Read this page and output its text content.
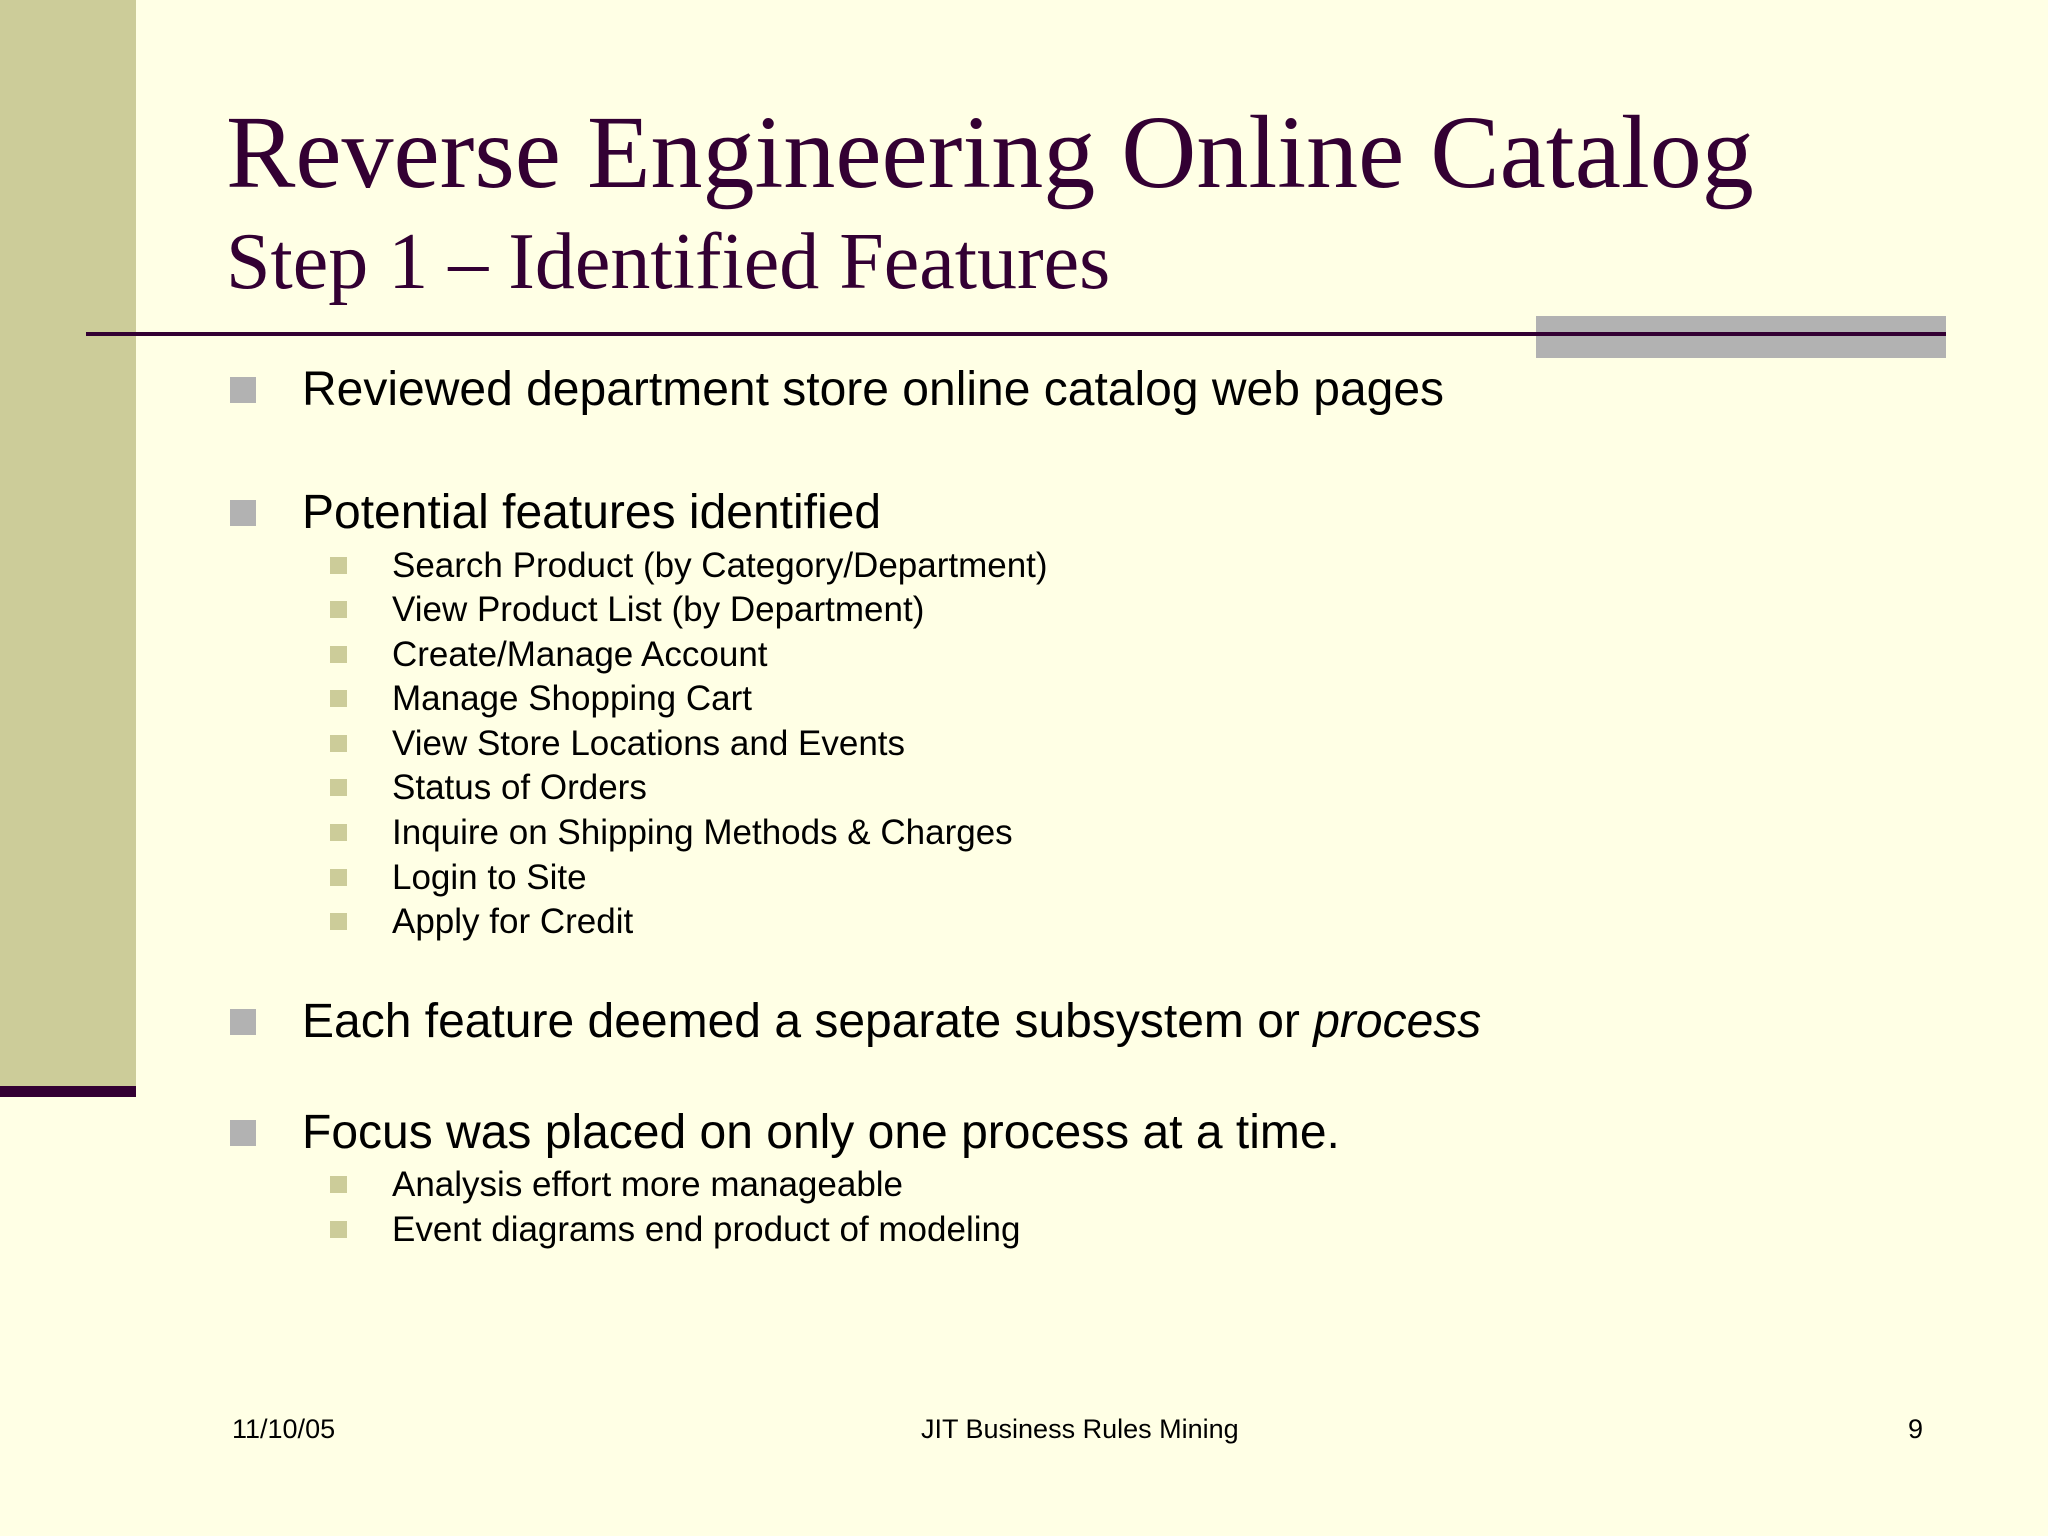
Reverse Engineering Online Catalog
Step 1 – Identified Features
Reviewed department store online catalog web pages
Potential features identified
Search Product (by Category/Department)
View Product List (by Department)
Create/Manage Account
Manage Shopping Cart
View Store Locations and Events
Status of Orders
Inquire on Shipping Methods & Charges
Login to Site
Apply for Credit
Each feature deemed a separate subsystem or process
Focus was placed on only one process at a time.
Analysis effort more manageable
Event diagrams end product of modeling
11/10/05	JIT Business Rules Mining	9
